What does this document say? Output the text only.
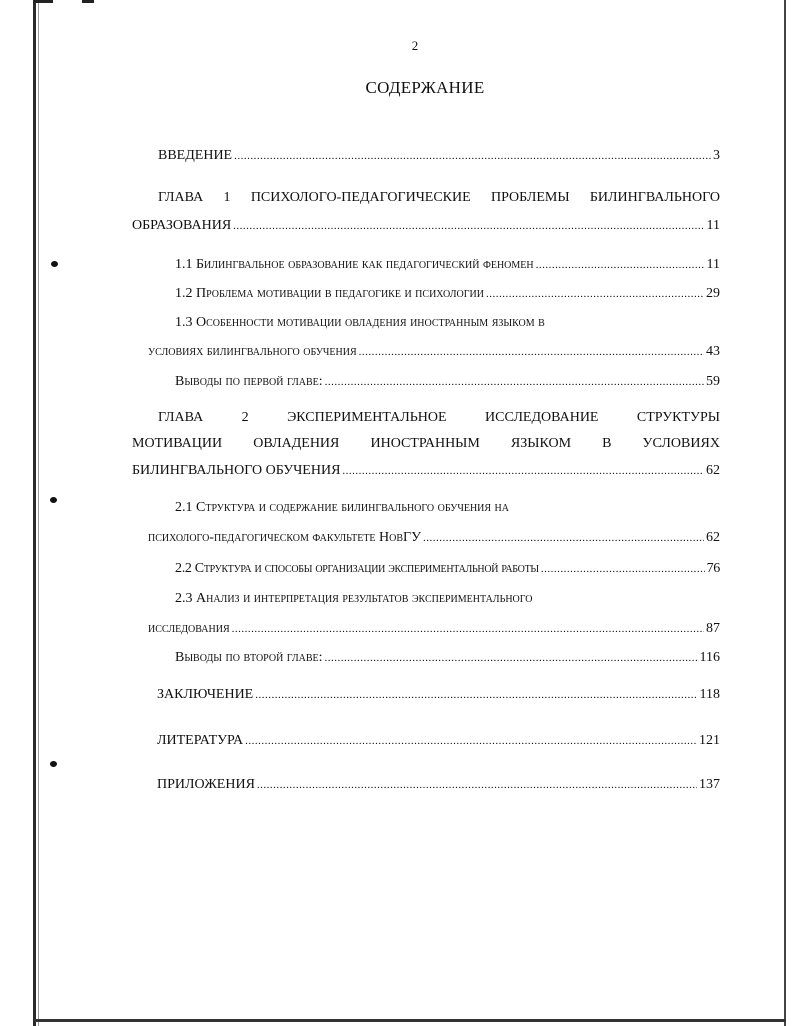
2
СОДЕРЖАНИЕ
ВВЕДЕНИЕ .....	3
ГЛАВА 1 ПСИХОЛОГО-ПЕДАГОГИЧЕСКИЕ ПРОБЛЕМЫ БИЛИНГВАЛЬНОГО
ОБРАЗОВАНИЯ .....	11
1.1 Билингвальное образование как педагогический феномен .....	11
1.2 Проблема мотивации в педагогике и психологии .....	29
1.3 Особенности мотивации овладения иностранным языком в
условиях билингвального обучения .....	43
Выводы по первой главе: .....	59
ГЛАВА	2	ЭКСПЕРИМЕНТАЛЬНОЕ	ИССЛЕДОВАНИЕ	СТРУКТУРЫ
МОТИВАЦИИ ОВЛАДЕНИЯ ИНОСТРАННЫМ ЯЗЫКОМ В УСЛОВИЯХ
БИЛИНГВАЛЬНОГО ОБУЧЕНИЯ .....	62
2.1 Структура и содержание билингвального обучения на
психолого-педагогическом факультете НовГУ .....	62
2.2 Структура и способы организации экспериментальной работы .....	76
2.3 Анализ и интерпретация результатов экспериментального
исследования .....	87
Выводы по второй главе: .....	116
ЗАКЛЮЧЕНИЕ .....	118
ЛИТЕРАТУРА .....	121
ПРИЛОЖЕНИЯ .....	137
